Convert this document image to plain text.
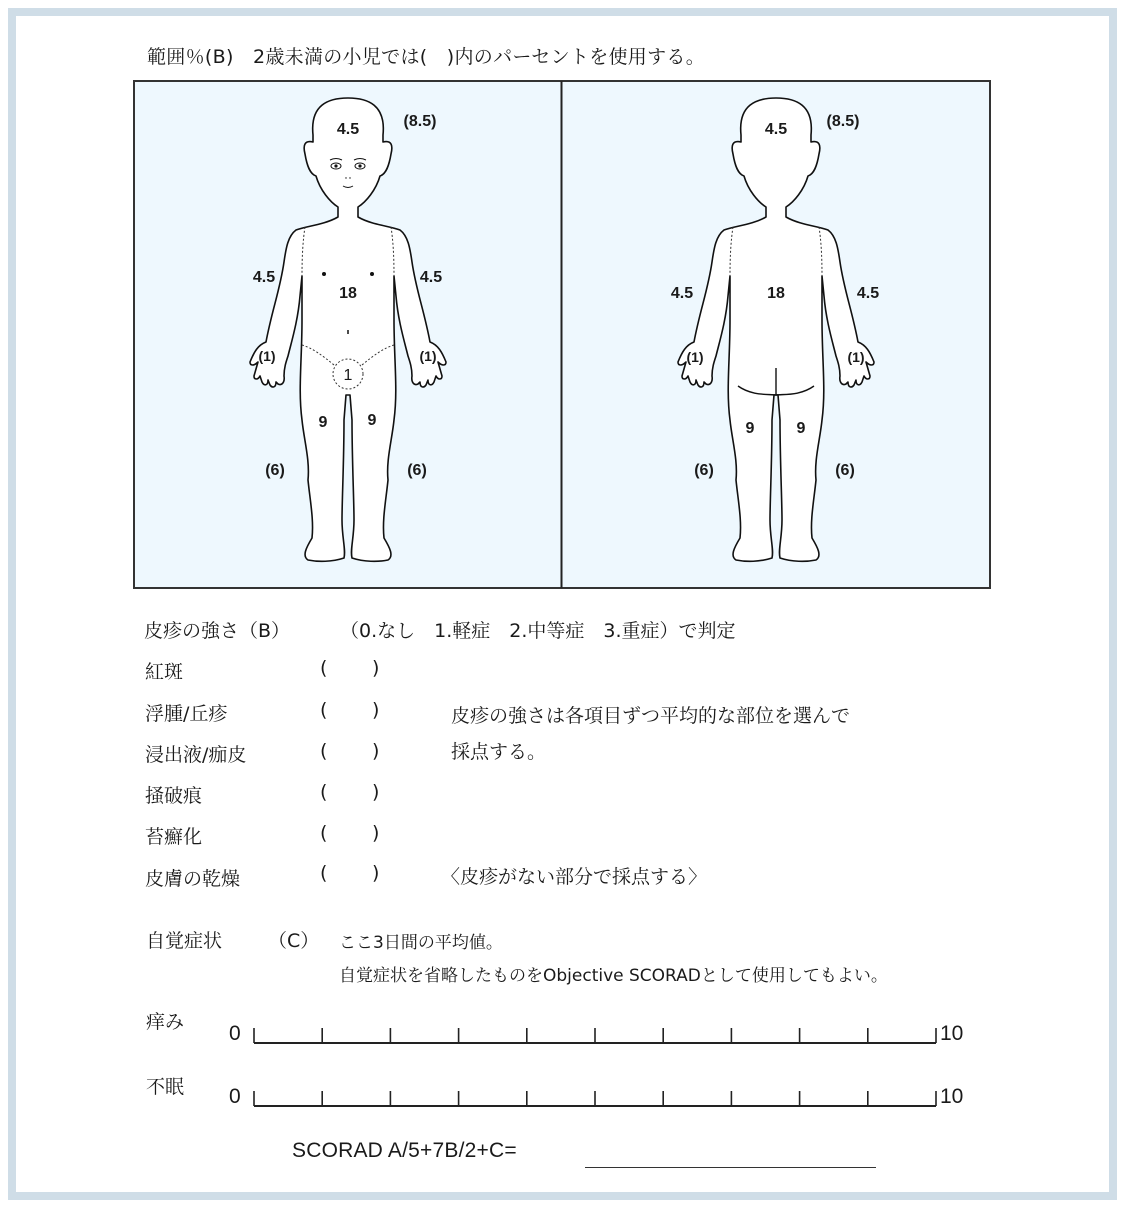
範囲％(B)　2歳未満の小児では(　)内のパーセントを使用する。
4.5	(8.5)
4.5	4.5
18
(1)	(1)
1
9	9
(6)	(6)
4.5 (8.5)
4.5	4.5
18
(1)	(1)
9	9
(6)	(6)
皮疹の強さ（B）	（0.なし　1.軽症　2.中等症　3.重症）で判定
紅斑	( )
浮腫/丘疹	( )
浸出液/痂皮	( )
掻破痕	( )
苔癬化	( )
皮膚の乾燥	( )
皮疹の強さは各項目ずつ平均的な部位を選んで
採点する。
〈皮疹がない部分で採点する〉
自覚症状 （C） ここ3日間の平均値。
自覚症状を省略したものをObjective SCORADとして使用してもよい。
痒み 0	10
不眠 0	10
SCORAD A/5+7B/2+C=
